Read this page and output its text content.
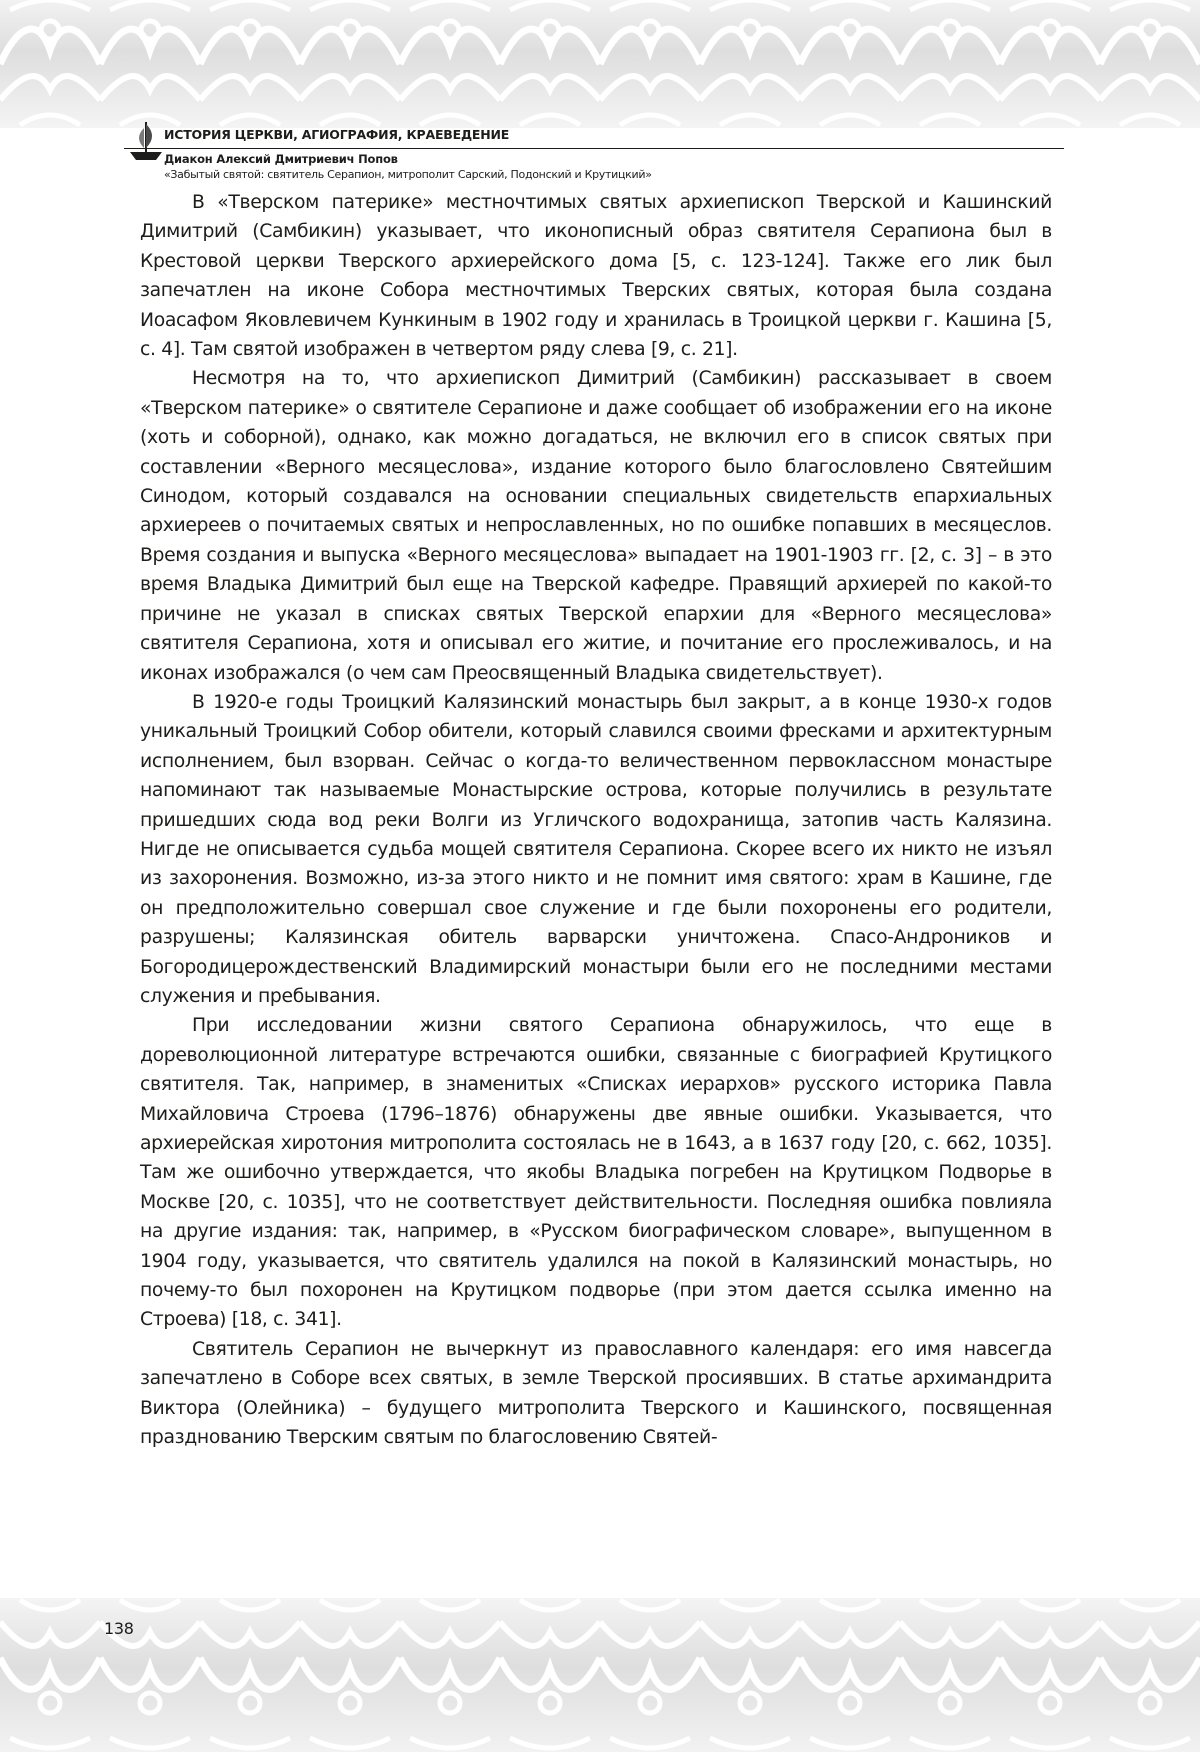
ИСТОРИЯ ЦЕРКВИ, АГИОГРАФИЯ, КРАЕВЕДЕНИЕ
Диакон Алексий Дмитриевич Попов
«Забытый святой: святитель Серапион, митрополит Сарский, Подонский и Крутицкий»

В «Тверском патерике» местночтимых святых архиепископ Тверской и Кашинский Димитрий (Самбикин) указывает, что иконописный образ святителя Серапиона был в Крестовой церкви Тверского архиерейского дома [5, с. 123-124]. Также его лик был запечатлен на иконе Собора местночтимых Тверских святых, которая была создана Иоасафом Яковлевичем Кункиным в 1902 году и хранилась в Троицкой церкви г. Кашина [5, с. 4]. Там святой изображен в четвертом ряду слева [9, с. 21].

Несмотря на то, что архиепископ Димитрий (Самбикин) рассказывает в своем «Тверском патерике» о святителе Серапионе и даже сообщает об изображении его на иконе (хоть и соборной), однако, как можно догадаться, не включил его в список святых при составлении «Верного месяцеслова», издание которого было благословлено Святейшим Синодом, который создавался на основании специальных свидетельств епархиальных архиереев о почитаемых святых и непрославленных, но по ошибке попавших в месяцеслов. Время создания и выпуска «Верного месяцеслова» выпадает на 1901-1903 гг. [2, с. 3] – в это время Владыка Димитрий был еще на Тверской кафедре. Правящий архиерей по какой-то причине не указал в списках святых Тверской епархии для «Верного месяцеслова» святителя Серапиона, хотя и описывал его житие, и почитание его прослеживалось, и на иконах изображался (о чем сам Преосвященный Владыка свидетельствует).

В 1920-е годы Троицкий Калязинский монастырь был закрыт, а в конце 1930-х годов уникальный Троицкий Собор обители, который славился своими фресками и архитектурным исполнением, был взорван. Сейчас о когда-то величественном первоклассном монастыре напоминают так называемые Монастырские острова, которые получились в результате пришедших сюда вод реки Волги из Угличского водохранища, затопив часть Калязина. Нигде не описывается судьба мощей святителя Серапиона. Скорее всего их никто не изъял из захоронения. Возможно, из-за этого никто и не помнит имя святого: храм в Кашине, где он предположительно совершал свое служение и где были похоронены его родители, разрушены; Калязинская обитель варварски уничтожена. Спасо-Андроников и Богородицерождественский Владимирский монастыри были его не последними местами служения и пребывания.

При исследовании жизни святого Серапиона обнаружилось, что еще в дореволюционной литературе встречаются ошибки, связанные с биографией Крутицкого святителя. Так, например, в знаменитых «Списках иерархов» русского историка Павла Михайловича Строева (1796–1876) обнаружены две явные ошибки. Указывается, что архиерейская хиротония митрополита состоялась не в 1643, а в 1637 году [20, с. 662, 1035]. Там же ошибочно утверждается, что якобы Владыка погребен на Крутицком Подворье в Москве [20, с. 1035], что не соответствует действительности. Последняя ошибка повлияла на другие издания: так, например, в «Русском биографическом словаре», выпущенном в 1904 году, указывается, что святитель удалился на покой в Калязинский монастырь, но почему-то был похоронен на Крутицком подворье (при этом дается ссылка именно на Строева) [18, с. 341].

Святитель Серапион не вычеркнут из православного календаря: его имя навсегда запечатлено в Соборе всех святых, в земле Тверской просиявших. В статье архимандрита Виктора (Олейника) – будущего митрополита Тверского и Кашинского, посвященная празднованию Тверским святым по благословению Святей-

138
